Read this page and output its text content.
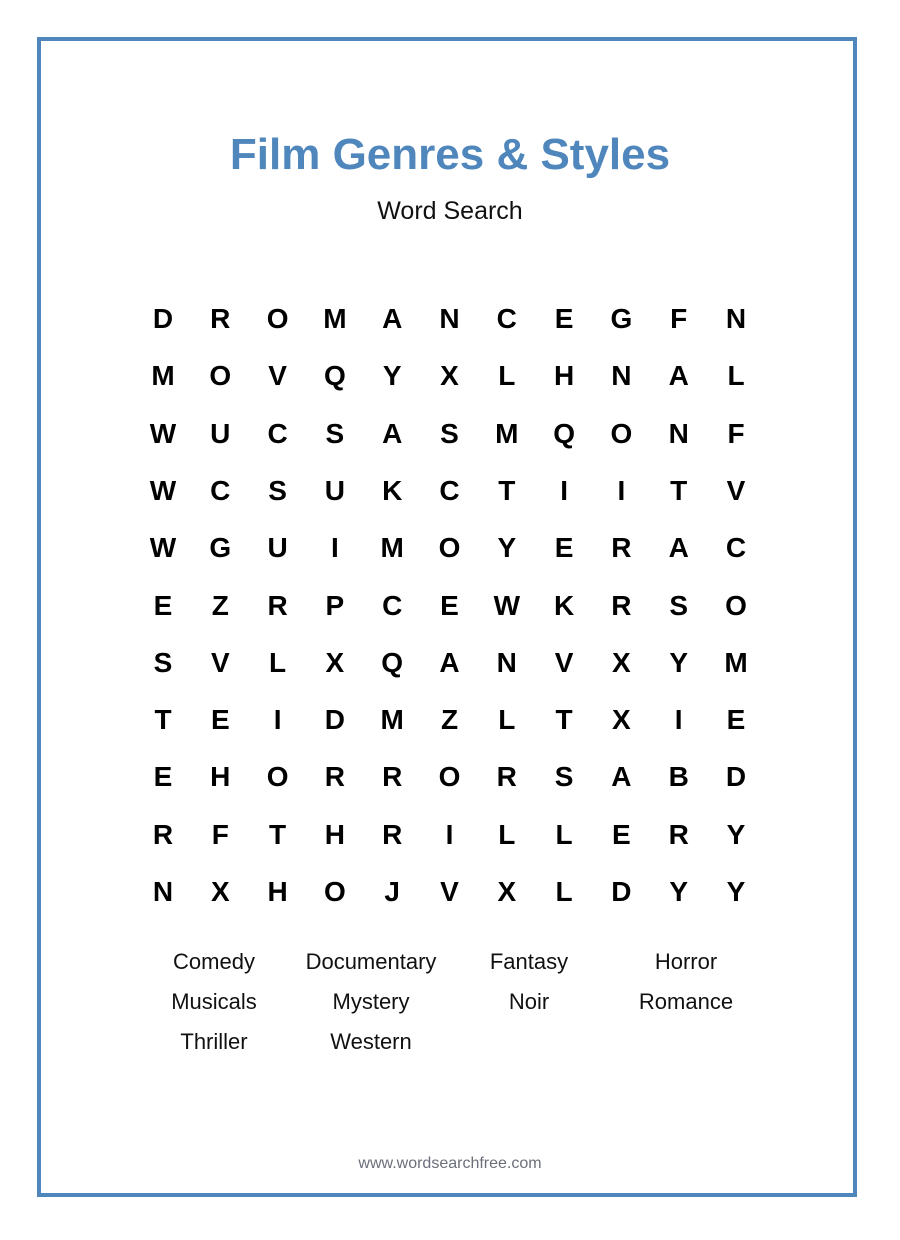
Film Genres & Styles
Word Search
D	R	O	M	A	N	C	E	G	F	N
M	O	V	Q	Y	X	L	H	N	A	L
W	U	C	S	A	S	M	Q	O	N	F
W	C	S	U	K	C	T	I	I	T	V
W	G	U	I	M	O	Y	E	R	A	C
E	Z	R	P	C	E	W	K	R	S	O
S	V	L	X	Q	A	N	V	X	Y	M
T	E	I	D	M	Z	L	T	X	I	E
E	H	O	R	R	O	R	S	A	B	D
R	F	T	H	R	I	L	L	E	R	Y
N	X	H	O	J	V	X	L	D	Y	Y
Comedy	Documentary	Fantasy	Horror
Musicals	Mystery	Noir	Romance
Thriller	Western
www.wordsearchfree.com
